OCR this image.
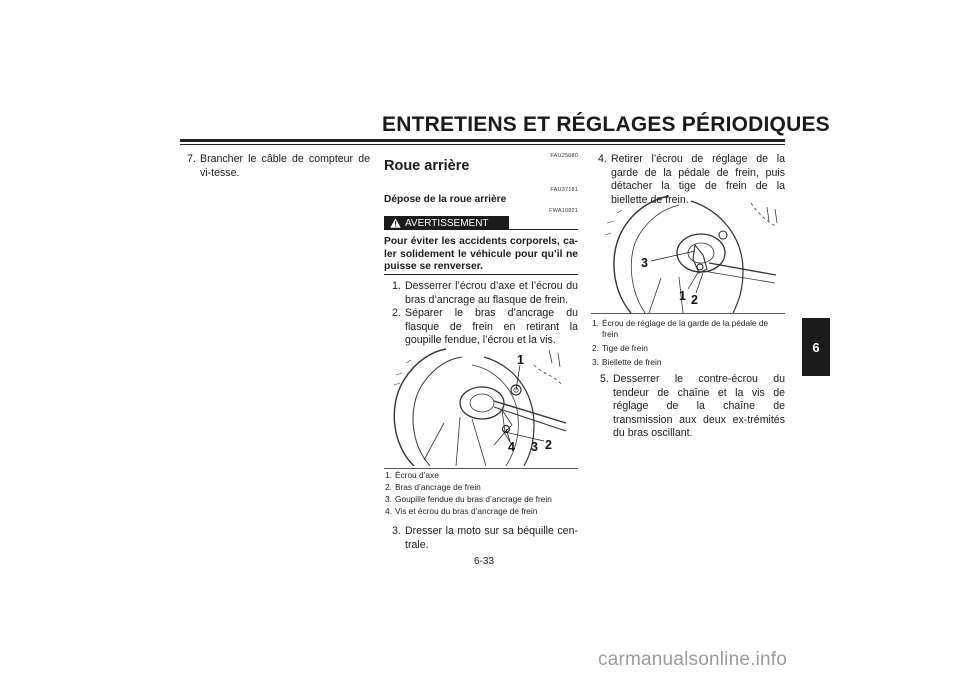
ENTRETIENS ET RÉGLAGES PÉRIODIQUES
6
7. Brancher le câble de compteur de vi-tesse.
FAU25080
Roue arrière
FAU37181
Dépose de la roue arrière
FWA10821
AVERTISSEMENT
Pour éviter les accidents corporels, ca-ler solidement le véhicule pour qu’il ne puisse se renverser.
1. Desserrer l’écrou d’axe et l’écrou du bras d’ancrage au flasque de frein.
2. Séparer le bras d’ancrage du flasque de frein en retirant la goupille fendue, l’écrou et la vis.
1
4 3 2
1. Écrou d’axe
2. Bras d’ancrage de frein
3. Goupille fendue du bras d’ancrage de frein
4. Vis et écrou du bras d’ancrage de frein
3. Dresser la moto sur sa béquille cen-trale.
4. Retirer l’écrou de réglage de la garde de la pédale de frein, puis détacher la tige de frein de la biellette de frein.
3
1 2
1. Écrou de réglage de la garde de la pédale de frein
2. Tige de frein
3. Biellette de frein
5. Desserrer le contre-écrou du tendeur de chaîne et la vis de réglage de la chaîne de transmission aux deux ex-trémités du bras oscillant.
6-33
carmanualsonline.info
